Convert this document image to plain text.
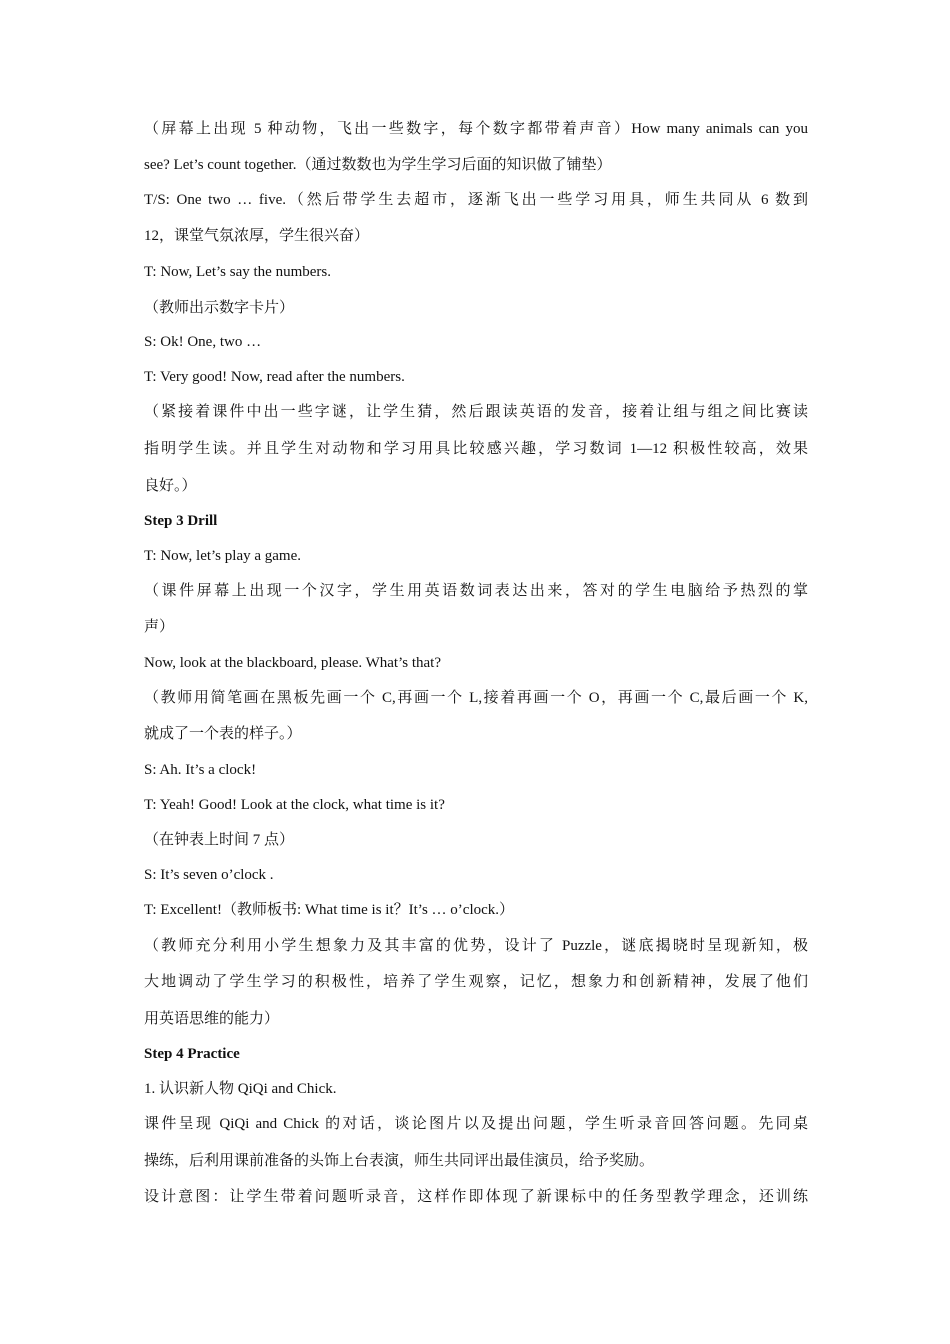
（屏幕上出现 5 种动物，飞出一些数字，每个数字都带着声音）How many animals can you
see? Let’s count together.（通过数数也为学生学习后面的知识做了铺垫）
T/S: One two … five.（然后带学生去超市，逐渐飞出一些学习用具，师生共同从 6 数到
12，课堂气氛浓厚，学生很兴奋）
T: Now, Let’s say the numbers.
（教师出示数字卡片）
S: Ok! One, two …
T: Very good! Now, read after the numbers.
（紧接着课件中出一些字谜，让学生猜，然后跟读英语的发音，接着让组与组之间比赛读
指明学生读。并且学生对动物和学习用具比较感兴趣，学习数词 1—12 积极性较高，效果
良好。）
Step 3 Drill
T: Now, let’s play a game.
（课件屏幕上出现一个汉字，学生用英语数词表达出来，答对的学生电脑给予热烈的掌
声）
Now, look at the blackboard, please. What’s that?
（教师用简笔画在黑板先画一个 C,再画一个 L,接着再画一个 O，再画一个 C,最后画一个 K,
就成了一个表的样子。）
S: Ah. It’s a clock!
T: Yeah! Good! Look at the clock, what time is it?
（在钟表上时间 7 点）
S: It’s seven o’clock .
T: Excellent!（教师板书: What time is it？It’s … o’clock.）
（教师充分利用小学生想象力及其丰富的优势，设计了 Puzzle，谜底揭晓时呈现新知，极
大地调动了学生学习的积极性，培养了学生观察，记忆，想象力和创新精神，发展了他们
用英语思维的能力）
Step 4 Practice
1. 认识新人物 QiQi and Chick.
课件呈现 QiQi and Chick 的对话，谈论图片以及提出问题，学生听录音回答问题。先同桌
操练，后利用课前准备的头饰上台表演，师生共同评出最佳演员，给予奖励。
设计意图：让学生带着问题听录音，这样作即体现了新课标中的任务型教学理念，还训练
